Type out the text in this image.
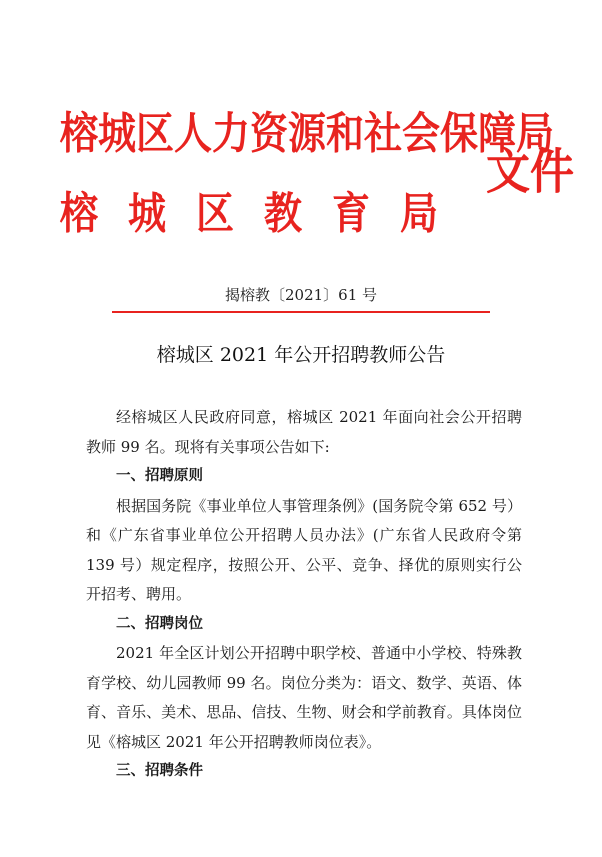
榕城区人力资源和社会保障局
榕城区教育局
文件
揭榕教〔2021〕61 号
榕城区 2021 年公开招聘教师公告

经榕城区人民政府同意，榕城区 2021 年面向社会公开招聘教师 99 名。现将有关事项公告如下:

一、招聘原则

根据国务院《事业单位人事管理条例》(国务院令第 652 号）和《广东省事业单位公开招聘人员办法》(广东省人民政府令第 139 号）规定程序，按照公开、公平、竞争、择优的原则实行公开招考、聘用。

二、招聘岗位

2021 年全区计划公开招聘中职学校、普通中小学校、特殊教育学校、幼儿园教师 99 名。岗位分类为：语文、数学、英语、体育、音乐、美术、思品、信技、生物、财会和学前教育。具体岗位见《榕城区 2021 年公开招聘教师岗位表》。

三、招聘条件
